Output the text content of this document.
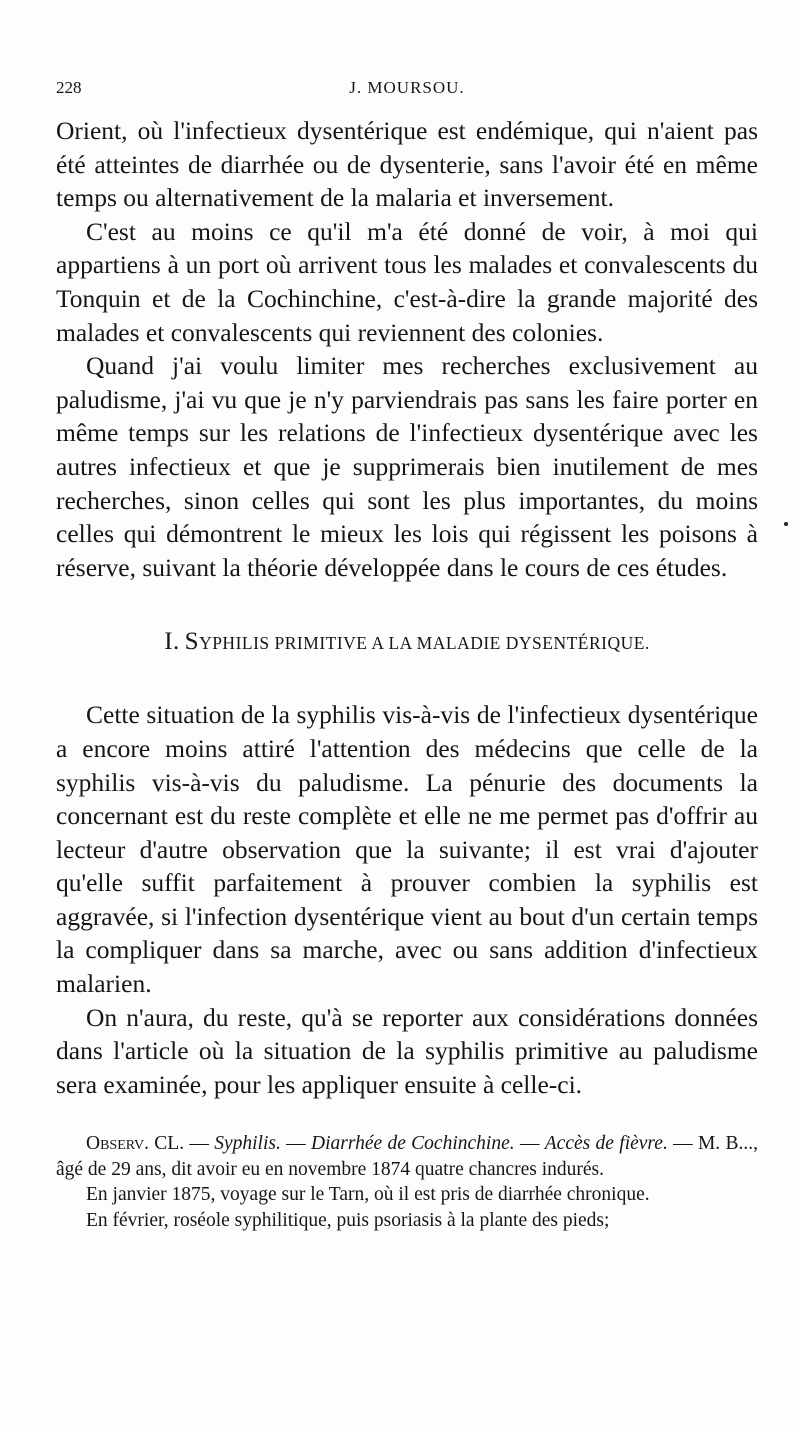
228	J. MOURSOU.

Orient, où l'infectieux dysentérique est endémique, qui n'aient pas été atteintes de diarrhée ou de dysenterie, sans l'avoir été en même temps ou alternativement de la malaria et inversement.

C'est au moins ce qu'il m'a été donné de voir, à moi qui appartiens à un port où arrivent tous les malades et convalescents du Tonquin et de la Cochinchine, c'est-à-dire la grande majorité des malades et convalescents qui reviennent des colonies.

Quand j'ai voulu limiter mes recherches exclusivement au paludisme, j'ai vu que je n'y parviendrais pas sans les faire porter en même temps sur les relations de l'infectieux dysentérique avec les autres infectieux et que je supprimerais bien inutilement de mes recherches, sinon celles qui sont les plus importantes, du moins celles qui démontrent le mieux les lois qui régissent les poisons à réserve, suivant la théorie développée dans le cours de ces études.

I. SYPHILIS PRIMITIVE A LA MALADIE DYSENTÉRIQUE.

Cette situation de la syphilis vis-à-vis de l'infectieux dysentérique a encore moins attiré l'attention des médecins que celle de la syphilis vis-à-vis du paludisme. La pénurie des documents la concernant est du reste complète et elle ne me permet pas d'offrir au lecteur d'autre observation que la suivante; il est vrai d'ajouter qu'elle suffit parfaitement à prouver combien la syphilis est aggravée, si l'infection dysentérique vient au bout d'un certain temps la compliquer dans sa marche, avec ou sans addition d'infectieux malarien.

On n'aura, du reste, qu'à se reporter aux considérations données dans l'article où la situation de la syphilis primitive au paludisme sera examinée, pour les appliquer ensuite à celle-ci.

Observ. CL. — Syphilis. — Diarrhée de Cochinchine. — Accès de fièvre. — M. B..., âgé de 29 ans, dit avoir eu en novembre 1874 quatre chancres indurés.

En janvier 1875, voyage sur le Tarn, où il est pris de diarrhée chronique.

En février, roséole syphilitique, puis psoriasis à la plante des pieds;
